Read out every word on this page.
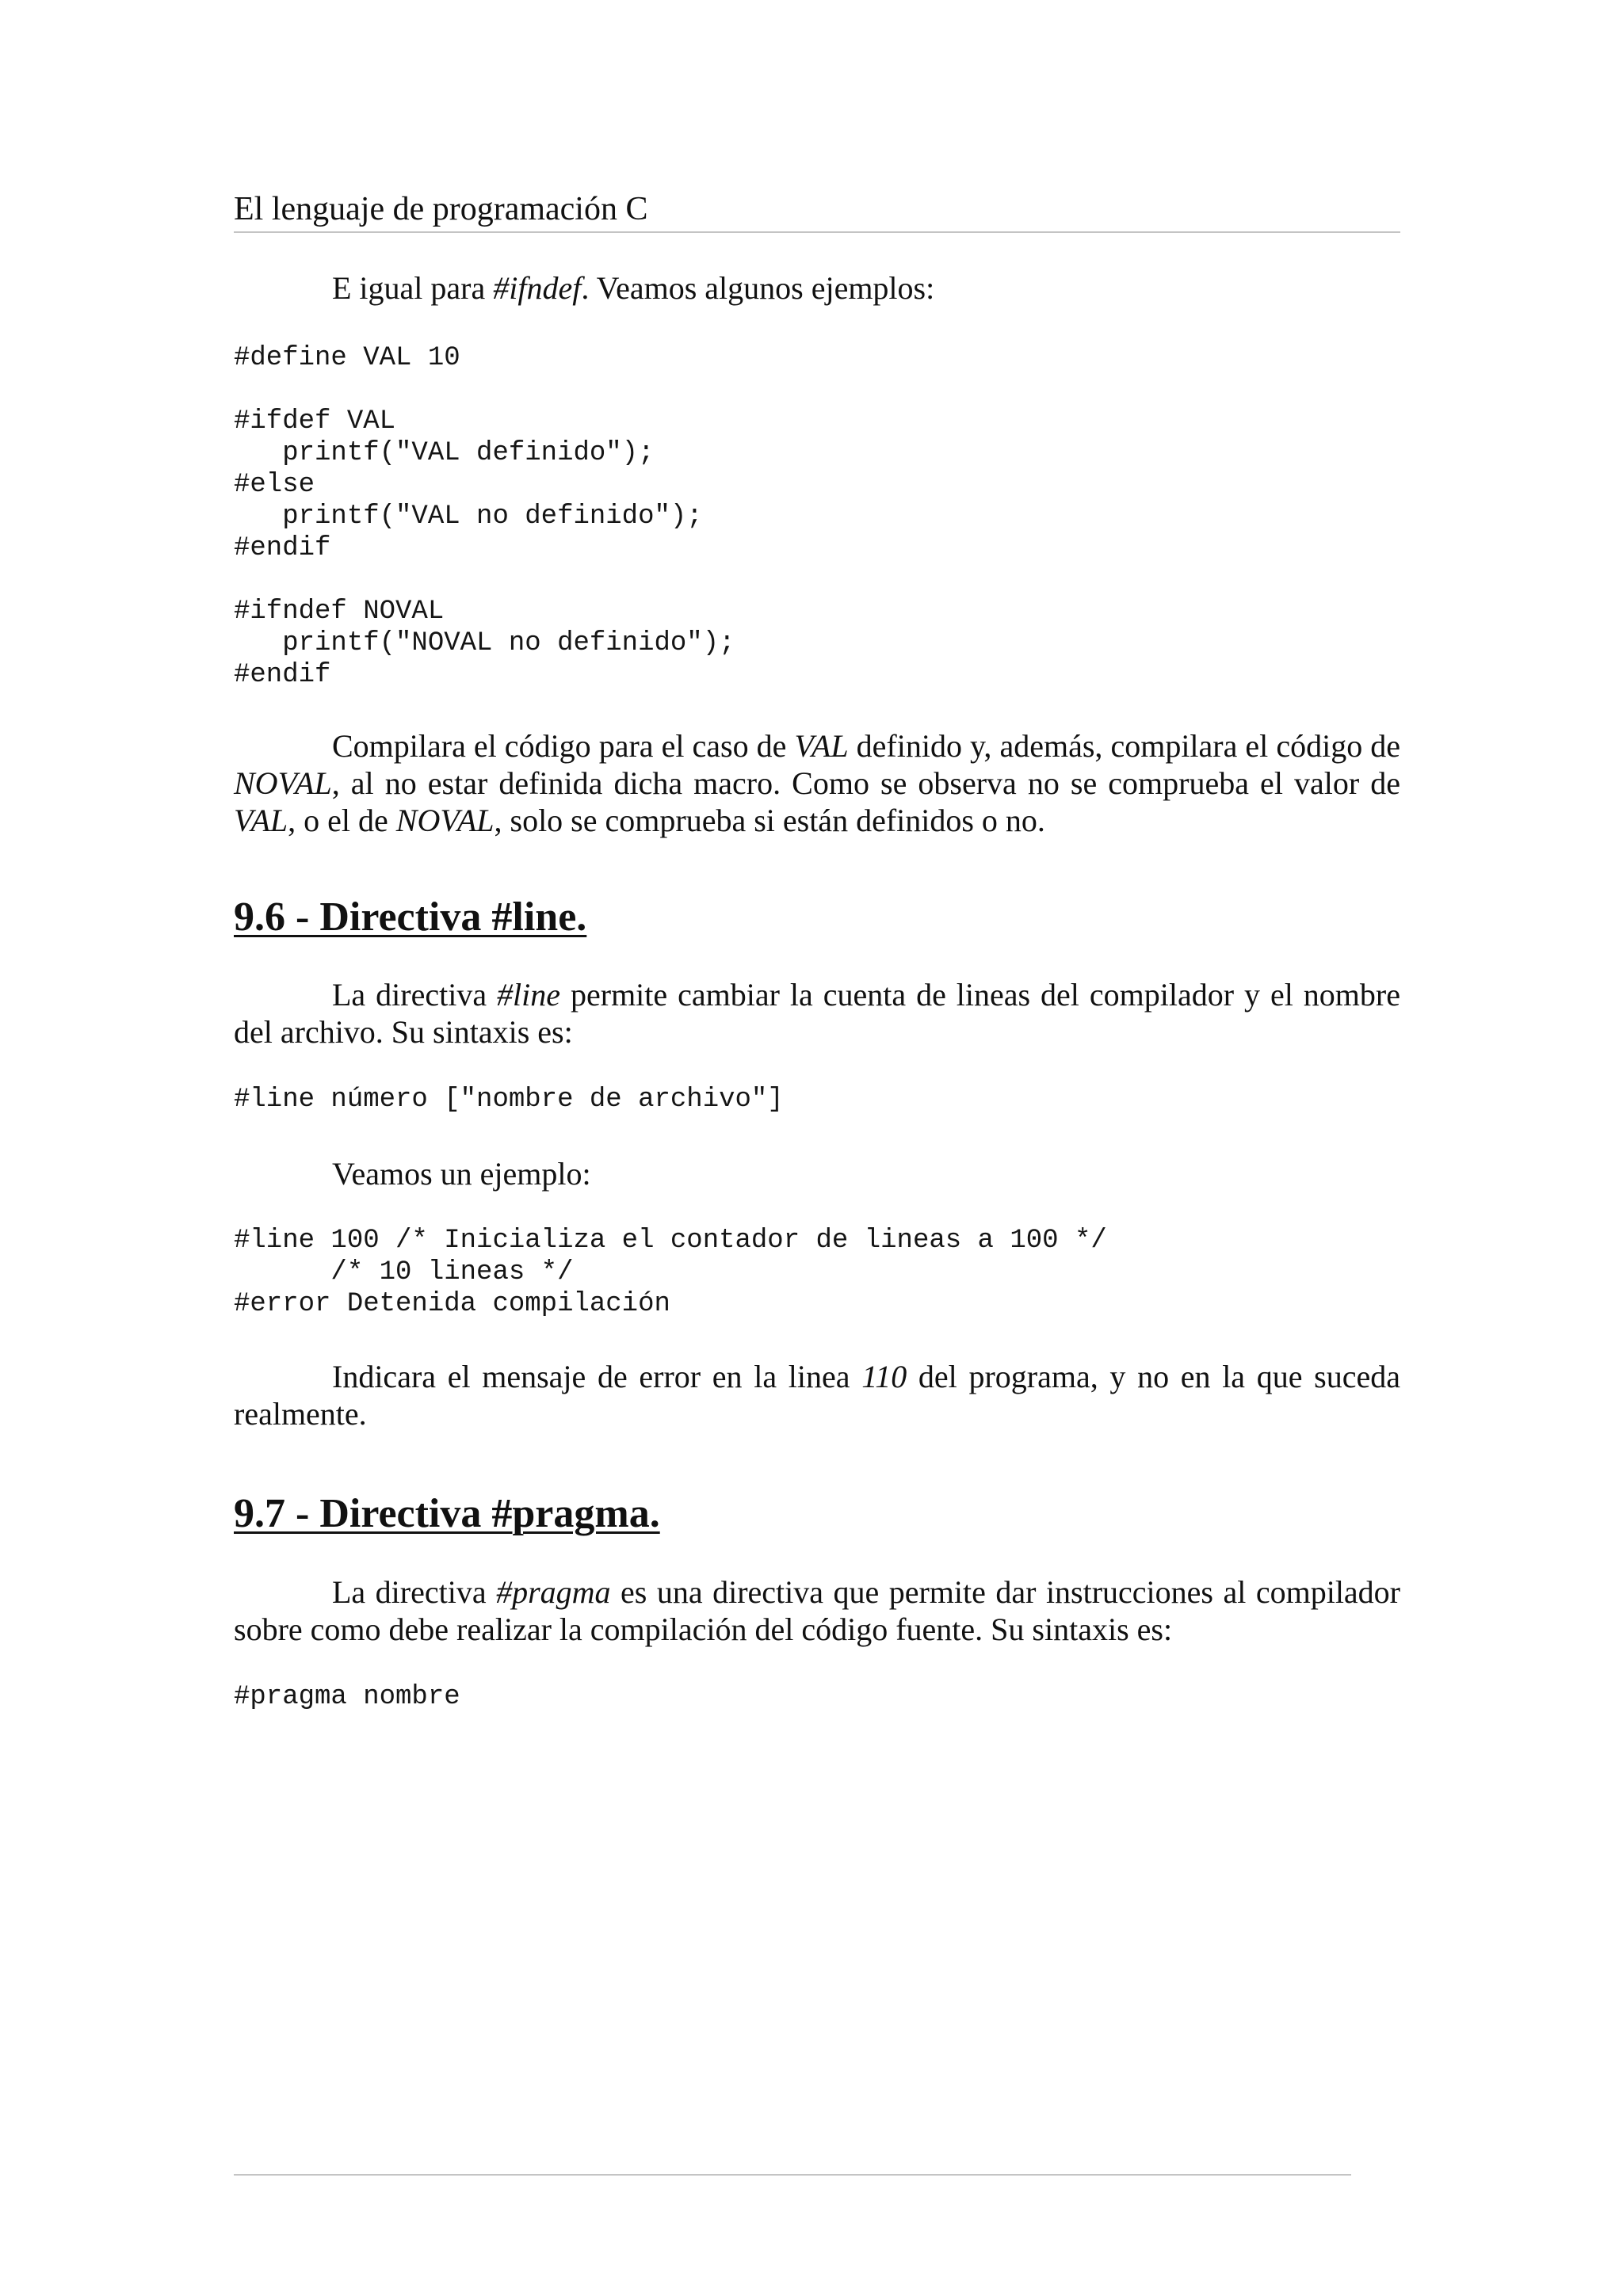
El lenguaje de programación C

E igual para #ifndef. Veamos algunos ejemplos:

#define VAL 10

#ifdef VAL
printf("VAL definido");
#else
printf("VAL no definido");
#endif

#ifndef NOVAL
printf("NOVAL no definido");
#endif

Compilara el código para el caso de VAL definido y, además, compilara el código de NOVAL, al no estar definida dicha macro. Como se observa no se comprueba el valor de VAL, o el de NOVAL, solo se comprueba si están definidos o no.

9.6 - Directiva #line.

La directiva #line permite cambiar la cuenta de lineas del compilador y el nombre del archivo. Su sintaxis es:

#line número ["nombre de archivo"]

Veamos un ejemplo:

#line 100 /* Inicializa el contador de lineas a 100 */
/* 10 lineas */
#error Detenida compilación

Indicara el mensaje de error en la linea 110 del programa, y no en la que suceda realmente.

9.7 - Directiva #pragma.

La directiva #pragma es una directiva que permite dar instrucciones al compilador sobre como debe realizar la compilación del código fuente. Su sintaxis es:

#pragma nombre
